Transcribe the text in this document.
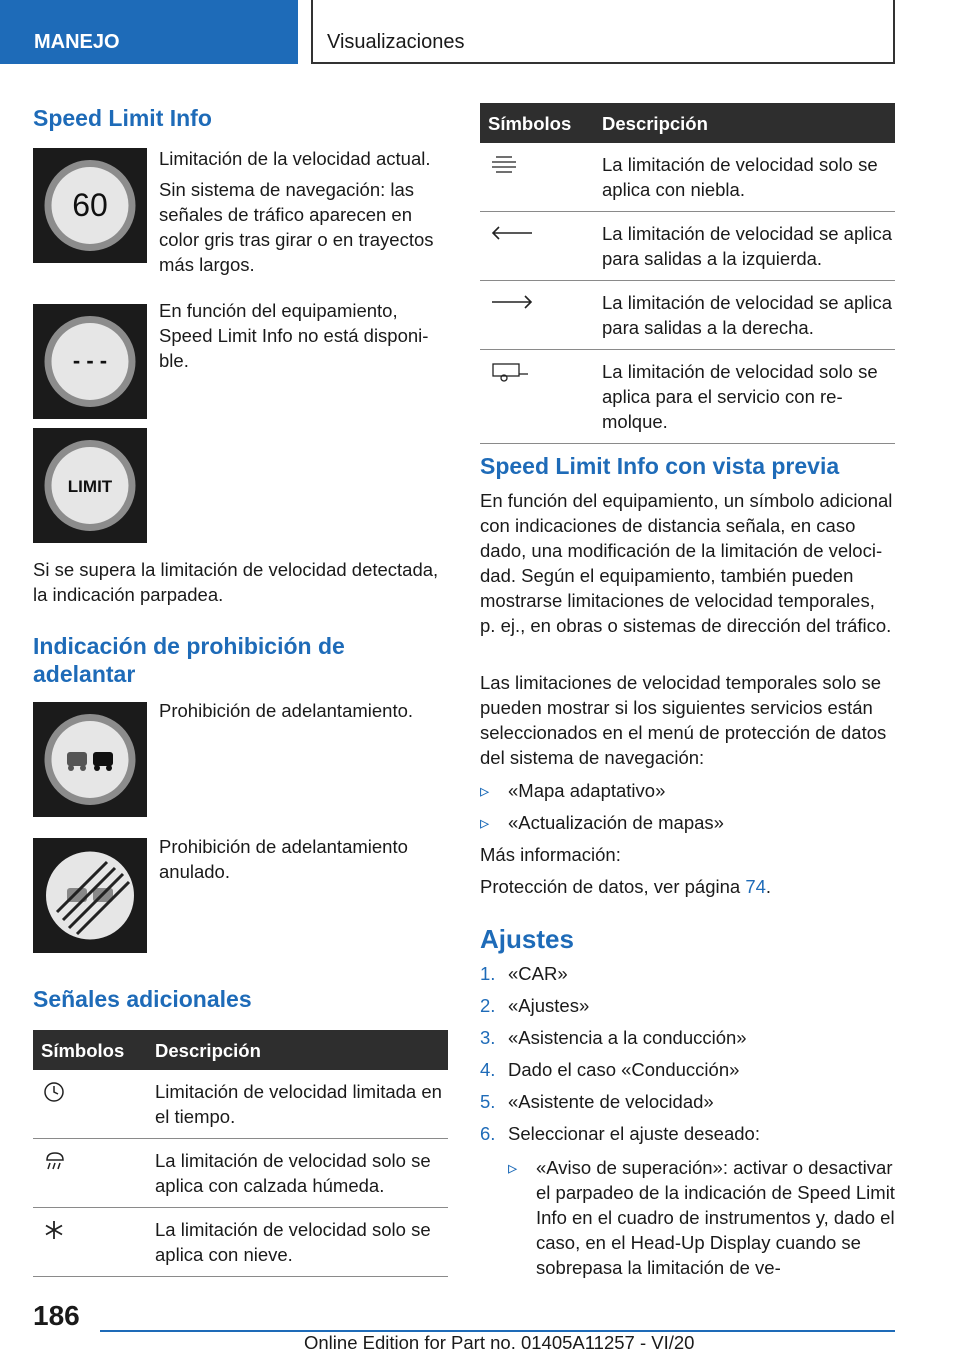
MANEJO	Visualizaciones
Speed Limit Info
60

Limitación de la velocidad actual.

Sin sistema de navegación: las señales de tráfico aparecen en color gris tras girar o en trayectos más largos.

- - -

En función del equipamiento, Speed Limit Info no está disponible.

LIMIT

Si se supera la limitación de velocidad detectada, la indicación parpadea.

Indicación de prohibición de adelantar

Prohibición de adelantamiento.

Prohibición de adelantamiento anulado.

Señales adicionales
Símbolos	Descripción
	Limitación de velocidad limitada en el tiempo.
	La limitación de velocidad solo se aplica con calzada húmeda.
	La limitación de velocidad solo se aplica con nieve.
Símbolos	Descripción
	La limitación de velocidad solo se aplica con niebla.
	La limitación de velocidad se aplica para salidas a la izquierda.
	La limitación de velocidad se aplica para salidas a la derecha.
	La limitación de velocidad solo se aplica para el servicio con remolque.
Speed Limit Info con vista previa

En función del equipamiento, un símbolo adicional con indicaciones de distancia señala, en caso dado, una modificación de la limitación de velocidad. Según el equipamiento, también pueden mostrarse limitaciones de velocidad temporales, p. ej., en obras o sistemas de dirección del tráfico.

Las limitaciones de velocidad temporales solo se pueden mostrar si los siguientes servicios están seleccionados en el menú de protección de datos del sistema de navegación:

▹ «Mapa adaptativo»
▹ «Actualización de mapas»

Más información:

Protección de datos, ver página 74.

Ajustes
1. «CAR»
2. «Ajustes»
3. «Asistencia a la conducción»
4. Dado el caso «Conducción»
5. «Asistente de velocidad»
6. Seleccionar el ajuste deseado:
▹ «Aviso de superación»: activar o desactivar el parpadeo de la indicación de Speed Limit Info en el cuadro de instrumentos y, dado el caso, en el Head-Up Display cuando se sobrepasa la limitación de ve-
186
Online Edition for Part no. 01405A11257 - VI/20
